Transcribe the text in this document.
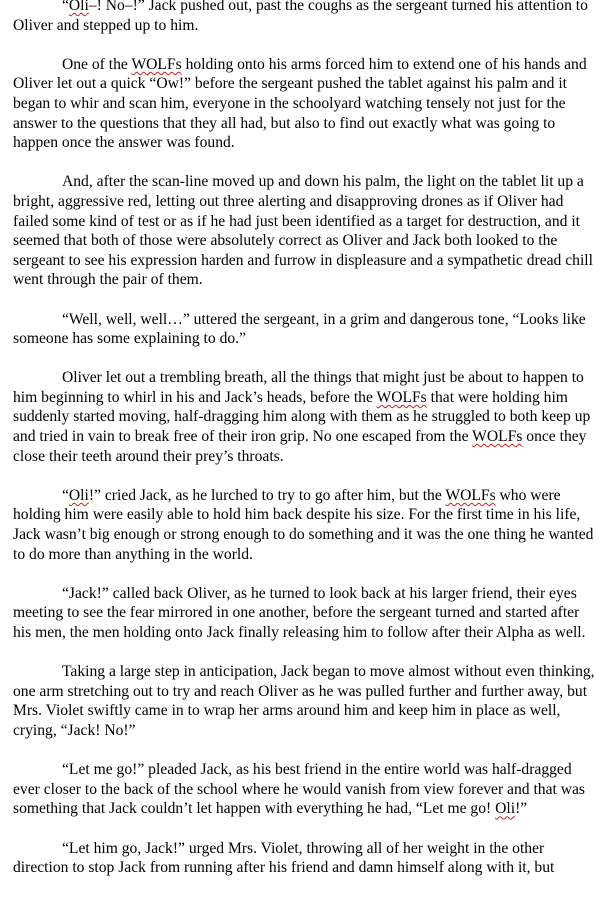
“Oli–! No–!” Jack pushed out, past the coughs as the sergeant turned his attention to Oliver and stepped up to him.

One of the WOLFs holding onto his arms forced him to extend one of his hands and Oliver let out a quick “Ow!” before the sergeant pushed the tablet against his palm and it began to whir and scan him, everyone in the schoolyard watching tensely not just for the answer to the questions that they all had, but also to find out exactly what was going to happen once the answer was found.

And, after the scan-line moved up and down his palm, the light on the tablet lit up a bright, aggressive red, letting out three alerting and disapproving drones as if Oliver had failed some kind of test or as if he had just been identified as a target for destruction, and it seemed that both of those were absolutely correct as Oliver and Jack both looked to the sergeant to see his expression harden and furrow in displeasure and a sympathetic dread chill went through the pair of them.

“Well, well, well…” uttered the sergeant, in a grim and dangerous tone, “Looks like someone has some explaining to do.”

Oliver let out a trembling breath, all the things that might just be about to happen to him beginning to whirl in his and Jack’s heads, before the WOLFs that were holding him suddenly started moving, half-dragging him along with them as he struggled to both keep up and tried in vain to break free of their iron grip. No one escaped from the WOLFs once they close their teeth around their prey’s throats.

“Oli!” cried Jack, as he lurched to try to go after him, but the WOLFs who were holding him were easily able to hold him back despite his size. For the first time in his life, Jack wasn’t big enough or strong enough to do something and it was the one thing he wanted to do more than anything in the world.

“Jack!” called back Oliver, as he turned to look back at his larger friend, their eyes meeting to see the fear mirrored in one another, before the sergeant turned and started after his men, the men holding onto Jack finally releasing him to follow after their Alpha as well.

Taking a large step in anticipation, Jack began to move almost without even thinking, one arm stretching out to try and reach Oliver as he was pulled further and further away, but Mrs. Violet swiftly came in to wrap her arms around him and keep him in place as well, crying, “Jack! No!”

“Let me go!” pleaded Jack, as his best friend in the entire world was half-dragged ever closer to the back of the school where he would vanish from view forever and that was something that Jack couldn’t let happen with everything he had, “Let me go! Oli!”

“Let him go, Jack!” urged Mrs. Violet, throwing all of her weight in the other direction to stop Jack from running after his friend and damn himself along with it, but
